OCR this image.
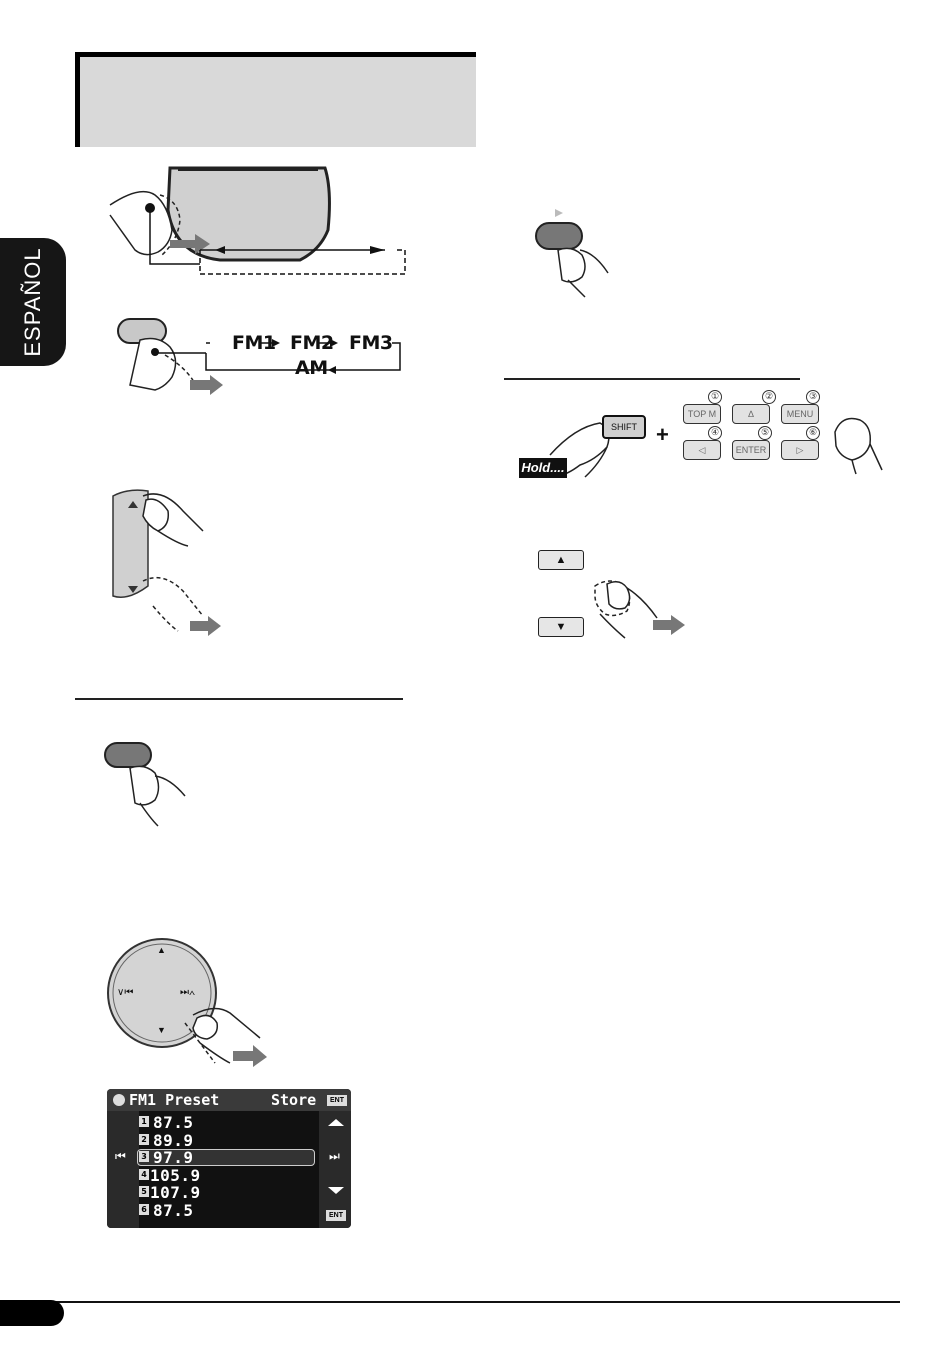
ESPAÑOL	FM1 FM2 FM3
AM
▲
▼
∨⏮	⏭∧
FM1 Preset	Store	ENT
⏮	⏭
ENT
1 87.5
2 89.9
3 97.9
4 105.9
5 107.9
6 87.5
SHIFT
Hold....
+
①	②	③
TOP M	∆	MENU
④	⑤	⑥
◁	ENTER	▷
▲
▼
